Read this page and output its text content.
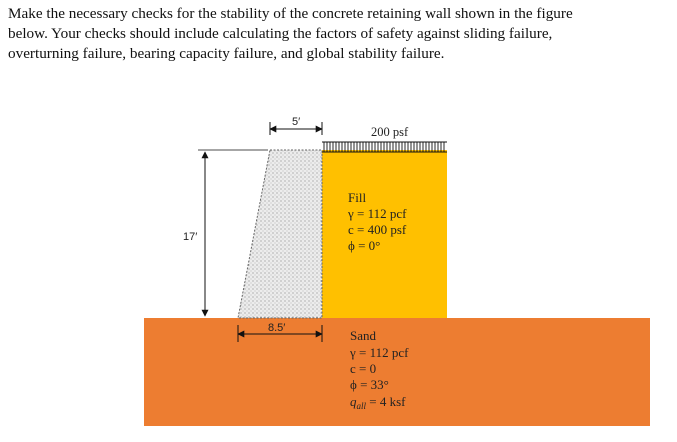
Make the necessary checks for the stability of the concrete retaining wall shown in the figure
below. Your checks should include calculating the factors of safety against sliding failure,
overturning failure, bearing capacity failure, and global stability failure.

200 psf
5′
17′
8.5′
Fill
γ = 112 pcf
c = 400 psf
ϕ = 0°
Sand
γ = 112 pcf
c = 0
ϕ = 33°
$q_{all} = 4$ ksf
